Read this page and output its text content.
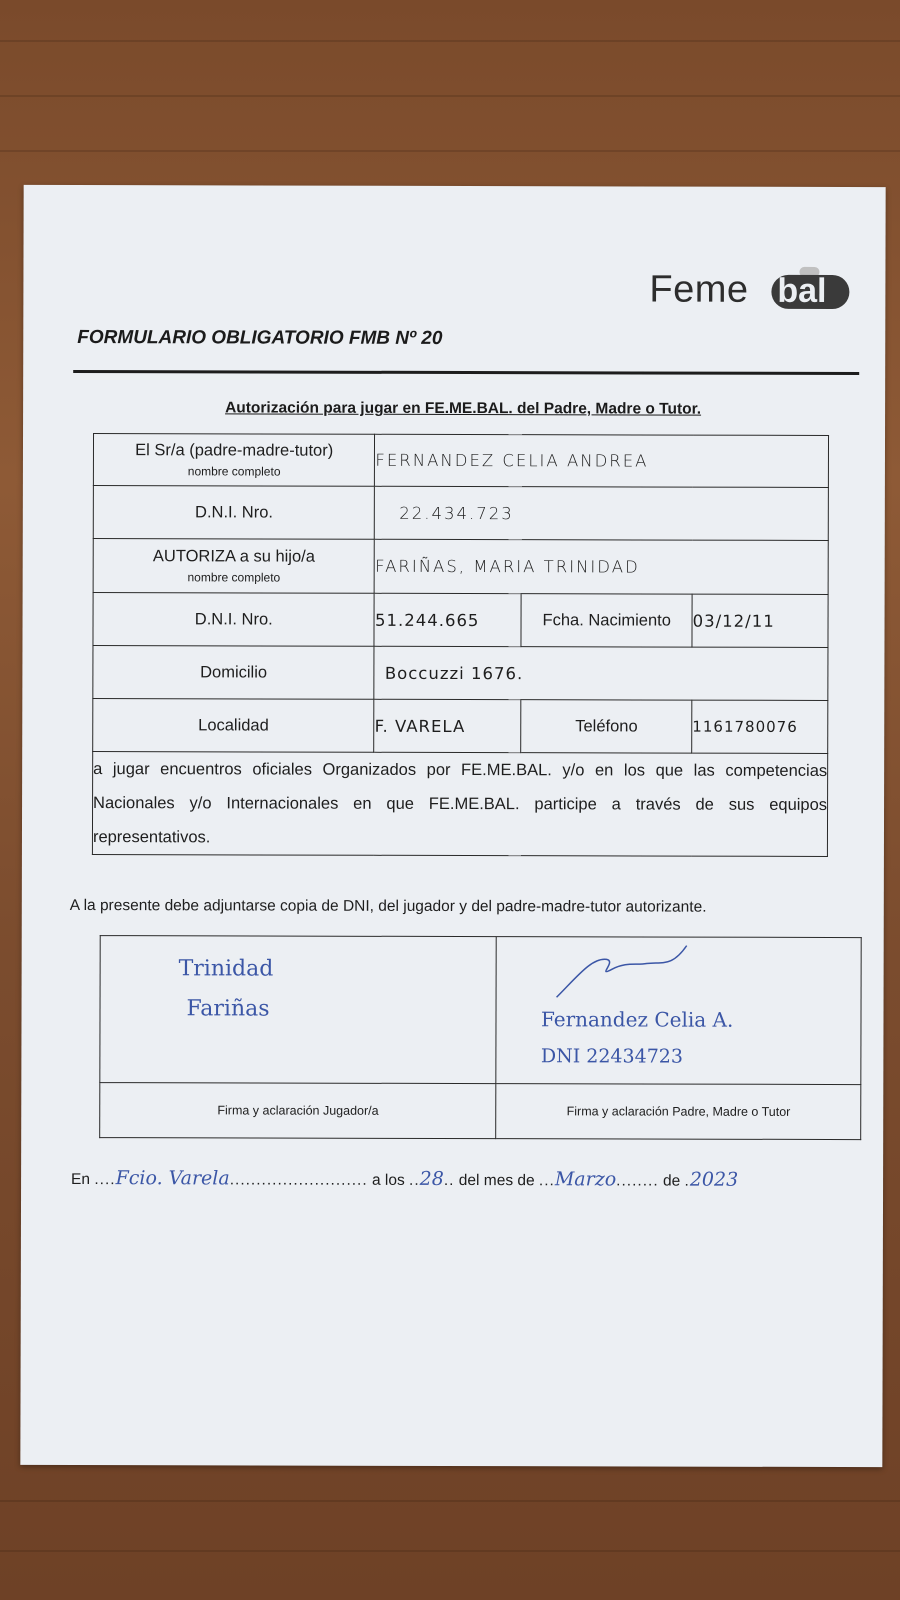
Feme bal
FORMULARIO OBLIGATORIO FMB Nº 20
Autorización para jugar en FE.ME.BAL. del Padre, Madre o Tutor.
El Sr/a (padre-madre-tutor)
nombre completo	FERNANDEZ CELIA ANDREA		
D.N.I. Nro.	22.434.723		
AUTORIZA a su hijo/a
nombre completo	FARIÑAS, MARIA TRINIDAD		
D.N.I. Nro.	51.244.665	Fcha. Nacimiento	03/12/11
Domicilio	Boccuzzi 1676.		
Localidad	F. VARELA	Teléfono	1161780076
a jugar encuentros oficiales Organizados por FE.ME.BAL. y/o en los que las competencias Nacionales y/o Internacionales en que FE.ME.BAL. participe a través de sus equipos representativos.			
A la presente debe adjuntarse copia de DNI, del jugador y del padre-madre-tutor autorizante.
Trinidad
Fariñas	Fernandez Celia A.
DNI 22434723

Firma y aclaración Jugador/a	Firma y aclaración Padre, Madre o Tutor
En ....Fcio. Varela.......................... a los ..28.. del mes de ...Marzo........ de .2023
